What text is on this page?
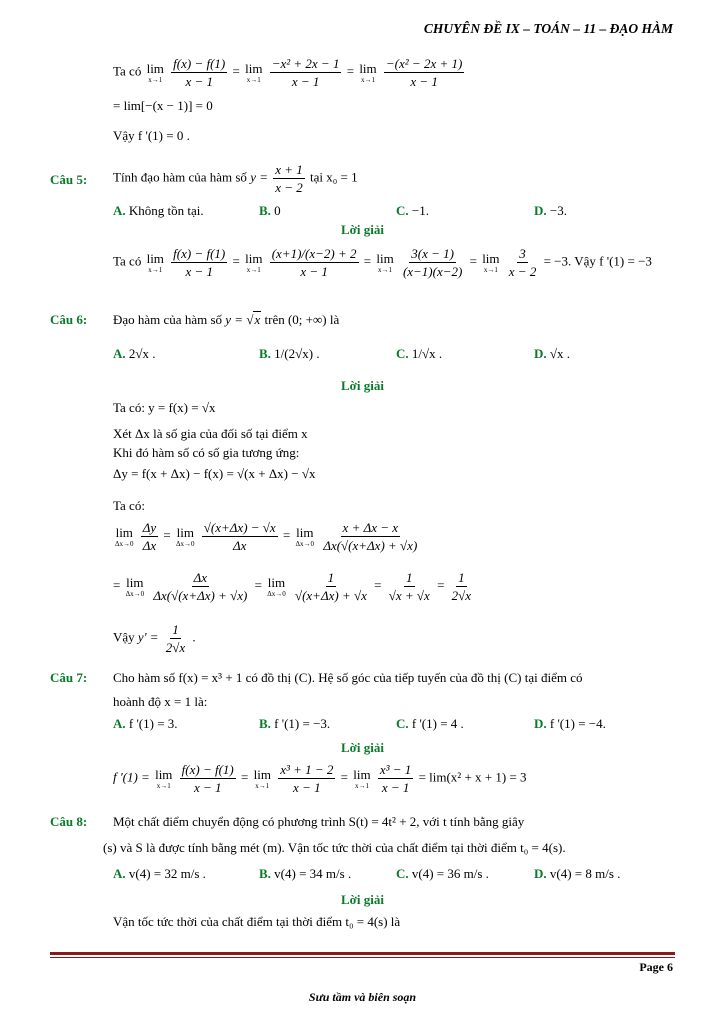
CHUYÊN ĐỀ IX – TOÁN – 11 – ĐẠO HÀM
Ta có lim
x→1
$\frac{f(x) - f(1)}{x - 1} = \lim$
x→1
$\frac{\text{−x² + 2x − 1}}{x - 1} = \lim$
x→1
$\frac{\text{−(x² − 2x + 1)}}{x - 1}$
= lim[−(x − 1)] = 0
Vậy f '(1) = 0 .
Câu 5: Tính đạo hàm của hàm số $y = \frac{x + 1}{x - 2}$ tại x₀ = 1
A. Không tồn tại.	B. 0	C. −1.	D. −3.
Lời giải
Ta có lim
x→1
$\frac{f(x) - f(1)}{x - 1} = \lim$
x→1
$\frac{(x+1)/(x-2) + 2}{x - 1} = \lim$
x→1
$\frac{3(x - 1)}{(x-1)(x-2)} = \lim$
x→1
$\frac{3}{x - 2} = -3$. Vậy f '(1) = −3
Câu 6: Đạo hàm của hàm số y = √x trên (0; +∞) là
A. 2√x .	B. 1/(2√x) .	C. 1/√x .	D. √x .
Lời giải
Ta có: y = f(x) = √x
Xét Δx là số gia của đối số tại điểm x
Khi đó hàm số có số gia tương ứng:
Δy = f(x + Δx) − f(x) = √(x + Δx) − √x
Ta có:
lim
Δx→0
$\frac{\Delta y}{\Delta x} = \lim$
Δx→0
$\frac{√(x+\Delta x) - √x}{\Delta x} = \lim$
Δx→0
$\frac{x + \Delta x - x}{\Delta x(√(x+\Delta x) + √x)}$
= lim
Δx→0
$\frac{\Delta x}{\Delta x(√(x+\Delta x) + √x)} = \lim$
Δx→0
$\frac{1}{√(x+\Delta x) + √x} = \frac{1}{√x + √x} = \frac{1}{2√x}$
Vậy $y' = \frac{1}{2√x}$ .
Câu 7: Cho hàm số f(x) = x³ + 1 có đồ thị (C). Hệ số góc của tiếp tuyến của đồ thị (C) tại điểm có
hoành độ x = 1 là:
A. f '(1) = 3.	B. f '(1) = −3.	C. f '(1) = 4 .	D. f '(1) = −4.
Lời giải
f '(1) = lim
x→1
$\frac{f(x) - f(1)}{x - 1} = \lim$
x→1
$\frac{\text{x³ + 1 − 2}}{x - 1} = \lim$
x→1
$\frac{\text{x³ − 1}}{x - 1} = \lim(x^2 + x + 1) = 3$
Câu 8: Một chất điểm chuyển động có phương trình S(t) = 4t² + 2, với t tính bằng giây
(s) và S là được tính bằng mét (m). Vận tốc tức thời của chất điểm tại thời điểm t₀ = 4(s).
A. v(4) = 32 m/s .	B. v(4) = 34 m/s .	C. v(4) = 36 m/s .	D. v(4) = 8 m/s .
Lời giải
Vận tốc tức thời của chất điểm tại thời điểm t₀ = 4(s) là
Page 6
Sưu tầm và biên soạn
